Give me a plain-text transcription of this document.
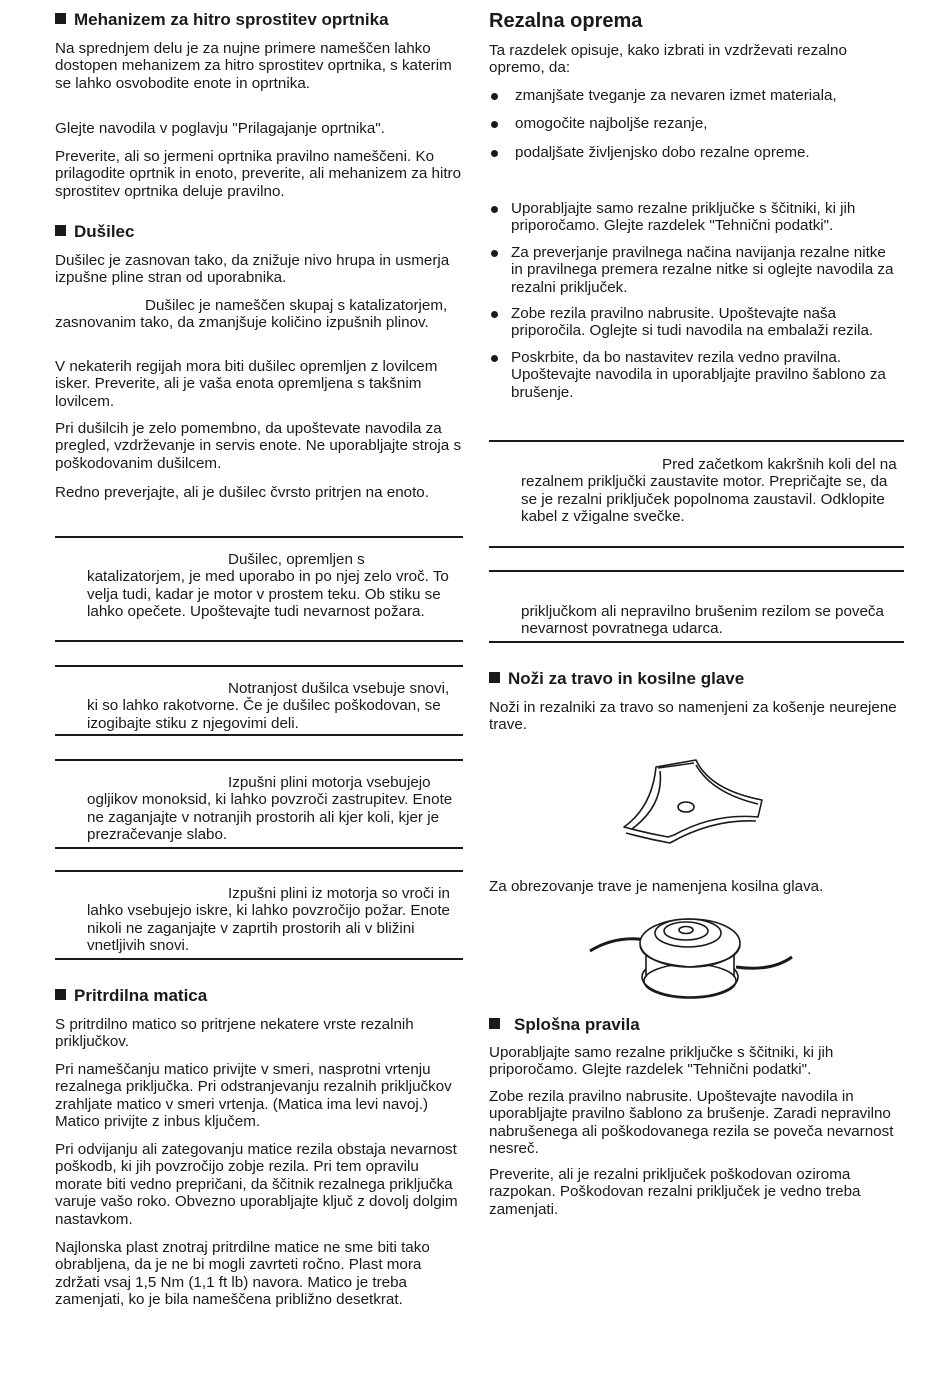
Mehanizem za hitro sprostitev oprtnika

Na sprednjem delu je za nujne primere nameščen lahko dostopen mehanizem za hitro sprostitev oprtnika, s katerim se lahko osvobodite enote in oprtnika.

Glejte navodila v poglavju "Prilagajanje oprtnika".

Preverite, ali so jermeni oprtnika pravilno nameščeni. Ko prilagodite oprtnik in enoto, preverite, ali mehanizem za hitro sprostitev oprtnika deluje pravilno.

Dušilec

Dušilec je zasnovan tako, da znižuje nivo hrupa in usmerja izpušne pline stran od uporabnika.

Dušilec je nameščen skupaj s katalizatorjem, zasnovanim tako, da zmanjšuje količino izpušnih plinov.

V nekaterih regijah mora biti dušilec opremljen z lovilcem isker. Preverite, ali je vaša enota opremljena s takšnim lovilcem.

Pri dušilcih je zelo pomembno, da upoštevate navodila za pregled, vzdrževanje in servis enote. Ne uporabljajte stroja s poškodovanim dušilcem.

Redno preverjajte, ali je dušilec čvrsto pritrjen na enoto.

Dušilec, opremljen s katalizatorjem, je med uporabo in po njej zelo vroč. To velja tudi, kadar je motor v prostem teku. Ob stiku se lahko opečete. Upoštevajte tudi nevarnost požara.

Notranjost dušilca vsebuje snovi, ki so lahko rakotvorne. Če je dušilec poškodovan, se izogibajte stiku z njegovimi deli.

Izpušni plini motorja vsebujejo ogljikov monoksid, ki lahko povzroči zastrupitev. Enote ne zaganjajte v notranjih prostorih ali kjer koli, kjer je prezračevanje slabo.

Izpušni plini iz motorja so vroči in lahko vsebujejo iskre, ki lahko povzročijo požar. Enote nikoli ne zaganjajte v zaprtih prostorih ali v bližini vnetljivih snovi.

Pritrdilna matica

S pritrdilno matico so pritrjene nekatere vrste rezalnih priključkov.

Pri nameščanju matico privijte v smeri, nasprotni vrtenju rezalnega priključka. Pri odstranjevanju rezalnih priključkov zrahljate matico v smeri vrtenja. (Matica ima levi navoj.) Matico privijte z inbus ključem.

Pri odvijanju ali zategovanju matice rezila obstaja nevarnost poškodb, ki jih povzročijo zobje rezila. Pri tem opravilu morate biti vedno prepričani, da ščitnik rezalnega priključka varuje vašo roko. Obvezno uporabljajte ključ z dovolj dolgim nastavkom.

Najlonska plast znotraj pritrdilne matice ne sme biti tako obrabljena, da je ne bi mogli zavrteti ročno. Plast mora zdržati vsaj 1,5 Nm (1,1 ft lb) navora. Matico je treba zamenjati, ko je bila nameščena približno desetkrat.

Rezalna oprema

Ta razdelek opisuje, kako izbrati in vzdrževati rezalno opremo, da:

zmanjšate tveganje za nevaren izmet materiala,
omogočite najboljše rezanje,
podaljšate življenjsko dobo rezalne opreme.
Uporabljajte samo rezalne priključke s ščitniki, ki jih priporočamo. Glejte razdelek "Tehnični podatki".
Za preverjanje pravilnega načina navijanja rezalne nitke in pravilnega premera rezalne nitke si oglejte navodila za rezalni priključek.
Zobe rezila pravilno nabrusite. Upoštevajte naša priporočila. Oglejte si tudi navodila na embalaži rezila.
Poskrbite, da bo nastavitev rezila vedno pravilna. Upoštevajte navodila in uporabljajte pravilno šablono za brušenje.

Pred začetkom kakršnih koli del na rezalnem priključki zaustavite motor. Prepričajte se, da se je rezalni priključek popolnoma zaustavil. Odklopite kabel z vžigalne svečke.

priključkom ali nepravilno brušenim rezilom se poveča nevarnost povratnega udarca.

Noži za travo in kosilne glave

Noži in rezalniki za travo so namenjeni za košenje neurejene trave.

Za obrezovanje trave je namenjena kosilna glava.

Splošna pravila

Uporabljajte samo rezalne priključke s ščitniki, ki jih priporočamo. Glejte razdelek "Tehnični podatki".

Zobe rezila pravilno nabrusite. Upoštevajte navodila in uporabljajte pravilno šablono za brušenje. Zaradi nepravilno nabrušenega ali poškodovanega rezila se poveča nevarnost nesreč.

Preverite, ali je rezalni priključek poškodovan oziroma razpokan. Poškodovan rezalni priključek je vedno treba zamenjati.
